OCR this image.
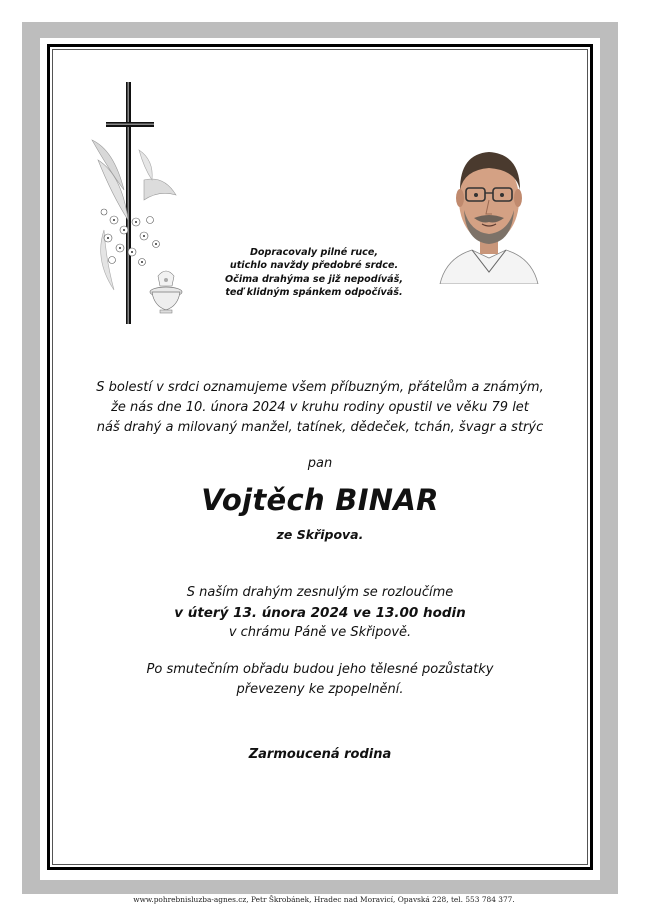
Dopracovaly pilné ruce,
utichlo navždy předobré srdce.
Očima drahýma se již nepodíváš,
teď klidným spánkem odpočíváš.
S bolestí v srdci oznamujeme všem příbuzným, přátelům a známým,
že nás dne 10. února 2024 v kruhu rodiny opustil ve věku 79 let
náš drahý a milovaný manžel, tatínek, dědeček, tchán, švagr a strýc
pan
Vojtěch BINAR
ze Skřipova.
S naším drahým zesnulým se rozloučíme
v úterý 13. února 2024 ve 13.00 hodin
v chrámu Páně ve Skřipově.
Po smutečním obřadu budou jeho tělesné pozůstatky
převezeny ke zpopelnění.
Zarmoucená rodina
www.pohrebnisluzba-agnes.cz, Petr Škrobánek, Hradec nad Moravicí, Opavská 228, tel. 553 784 377.
